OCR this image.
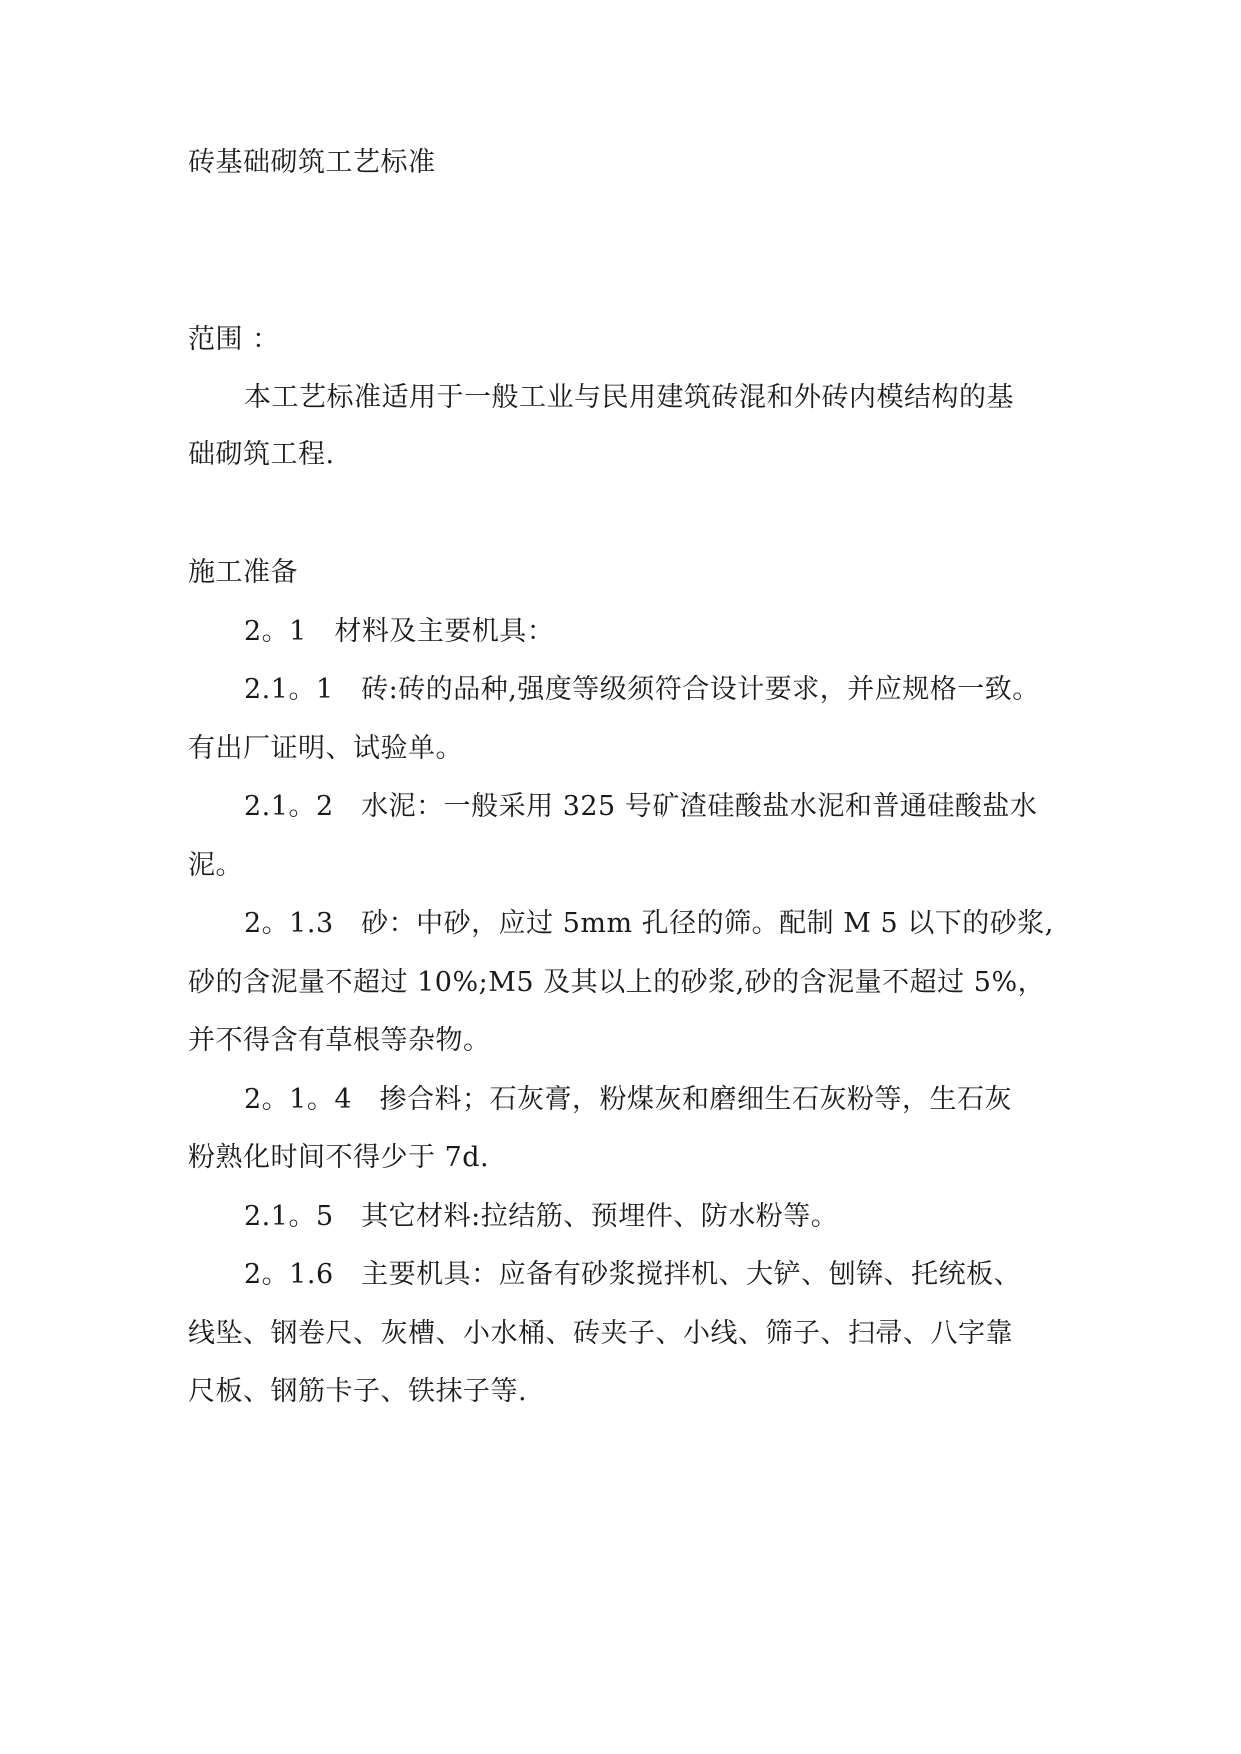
砖基础砌筑工艺标准
范围 ：
本工艺标准适用于一般工业与民用建筑砖混和外砖内模结构的基
础砌筑工程.
施工准备
2。1　材料及主要机具：
2.1。1　砖:砖的品种,强度等级须符合设计要求，并应规格一致。
有出厂证明、试验单。
2.1。2　水泥：一般采用 325 号矿渣硅酸盐水泥和普通硅酸盐水
泥。
2。1.3　砂：中砂，应过 5mm 孔径的筛。配制 M 5 以下的砂浆,
砂的含泥量不超过 10%;M5 及其以上的砂浆,砂的含泥量不超过 5%，
并不得含有草根等杂物。
2。1。4　掺合料；石灰膏，粉煤灰和磨细生石灰粉等，生石灰
粉熟化时间不得少于 7d.
2.1。5　其它材料:拉结筋、预埋件、防水粉等。
2。1.6　主要机具：应备有砂浆搅拌机、大铲、刨锛、托统板、
线坠、钢卷尺、灰槽、小水桶、砖夹子、小线、筛子、扫帚、八字靠
尺板、钢筋卡子、铁抹子等.
